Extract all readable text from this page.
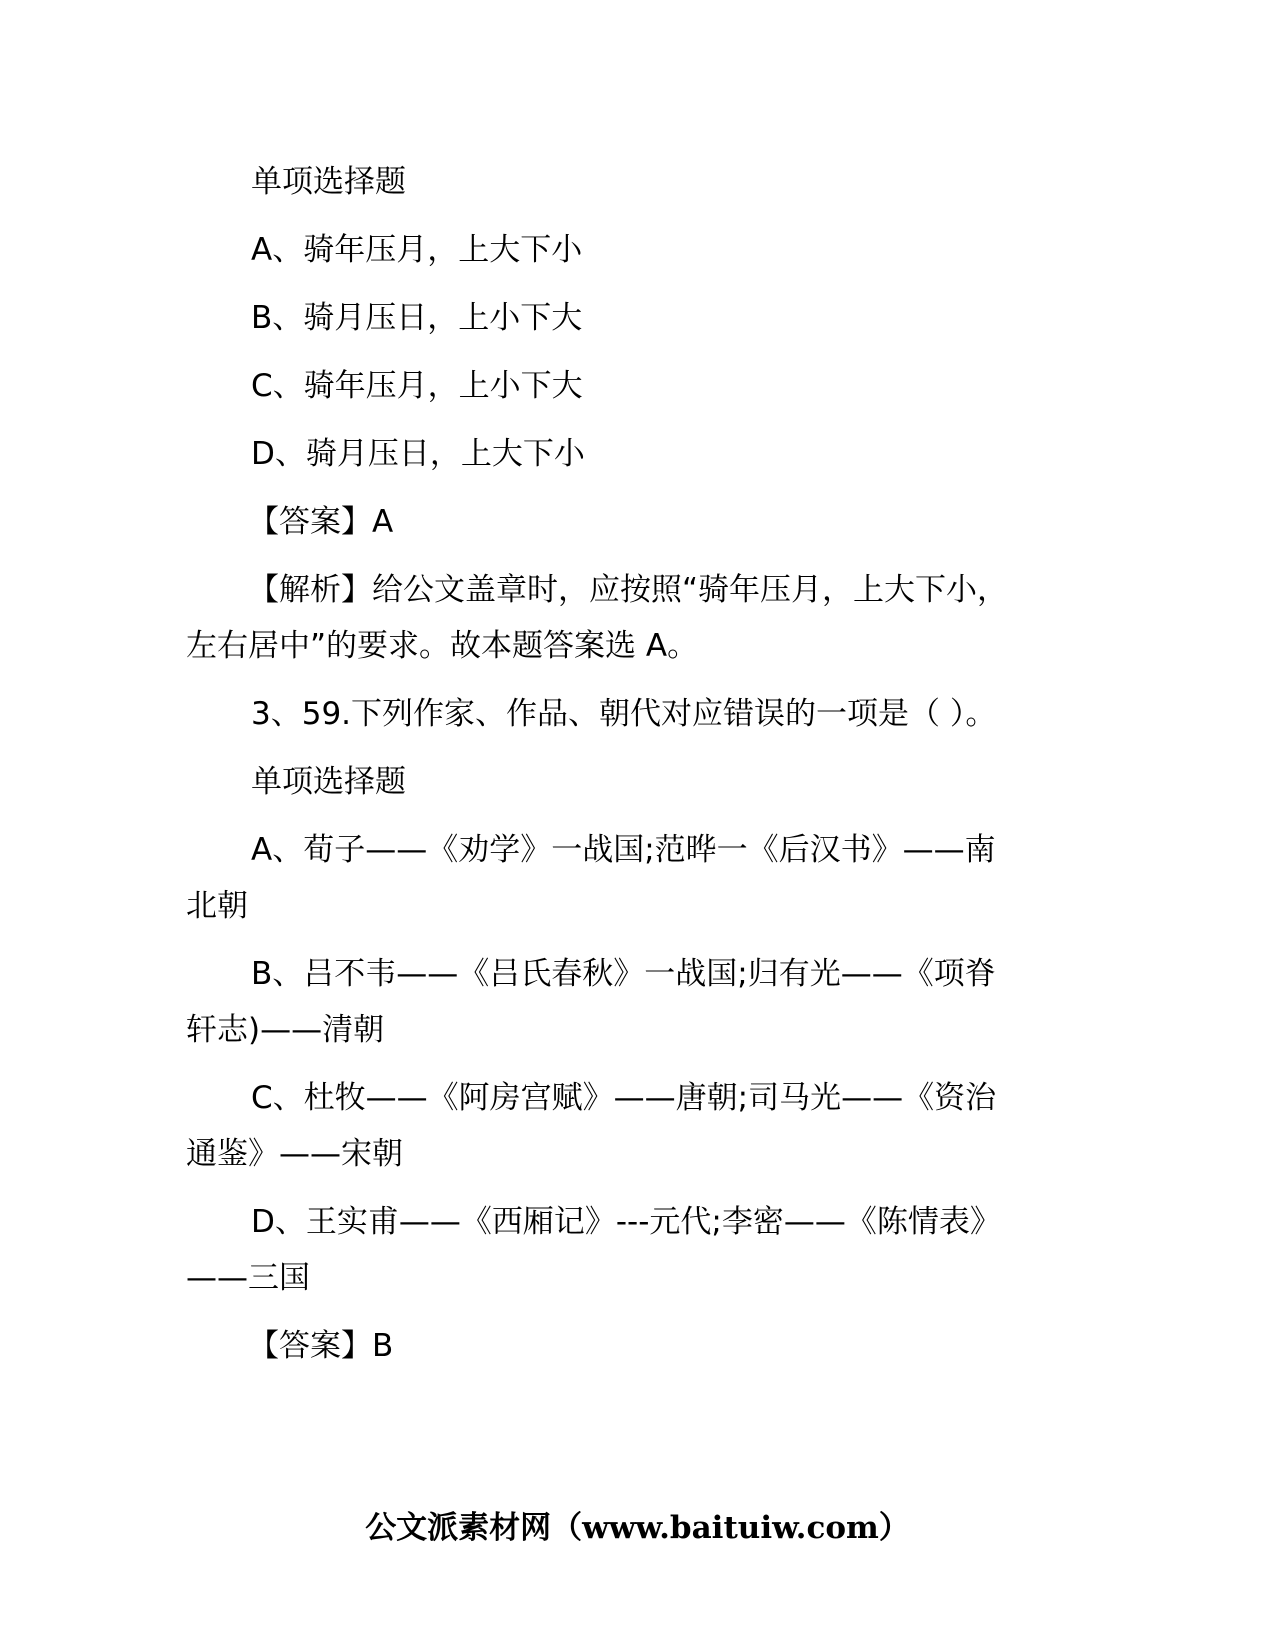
单项选择题
A、骑年压月，上大下小
B、骑月压日，上小下大
C、骑年压月，上小下大
D、骑月压日，上大下小
【答案】A
【解析】给公文盖章时，应按照“骑年压月，上大下小，
左右居中”的要求。故本题答案选 A。
3、59.下列作家、作品、朝代对应错误的一项是（ ）。
单项选择题
A、荀子——《劝学》一战国;范晔一《后汉书》——南
北朝
B、吕不韦——《吕氏春秋》一战国;归有光——《项脊
轩志)——清朝
C、杜牧——《阿房宫赋》——唐朝;司马光——《资治
通鉴》——宋朝
D、王实甫——《西厢记》---元代;李密——《陈情表》
——三国
【答案】B
公文派素材网（www.baituiw.com）
